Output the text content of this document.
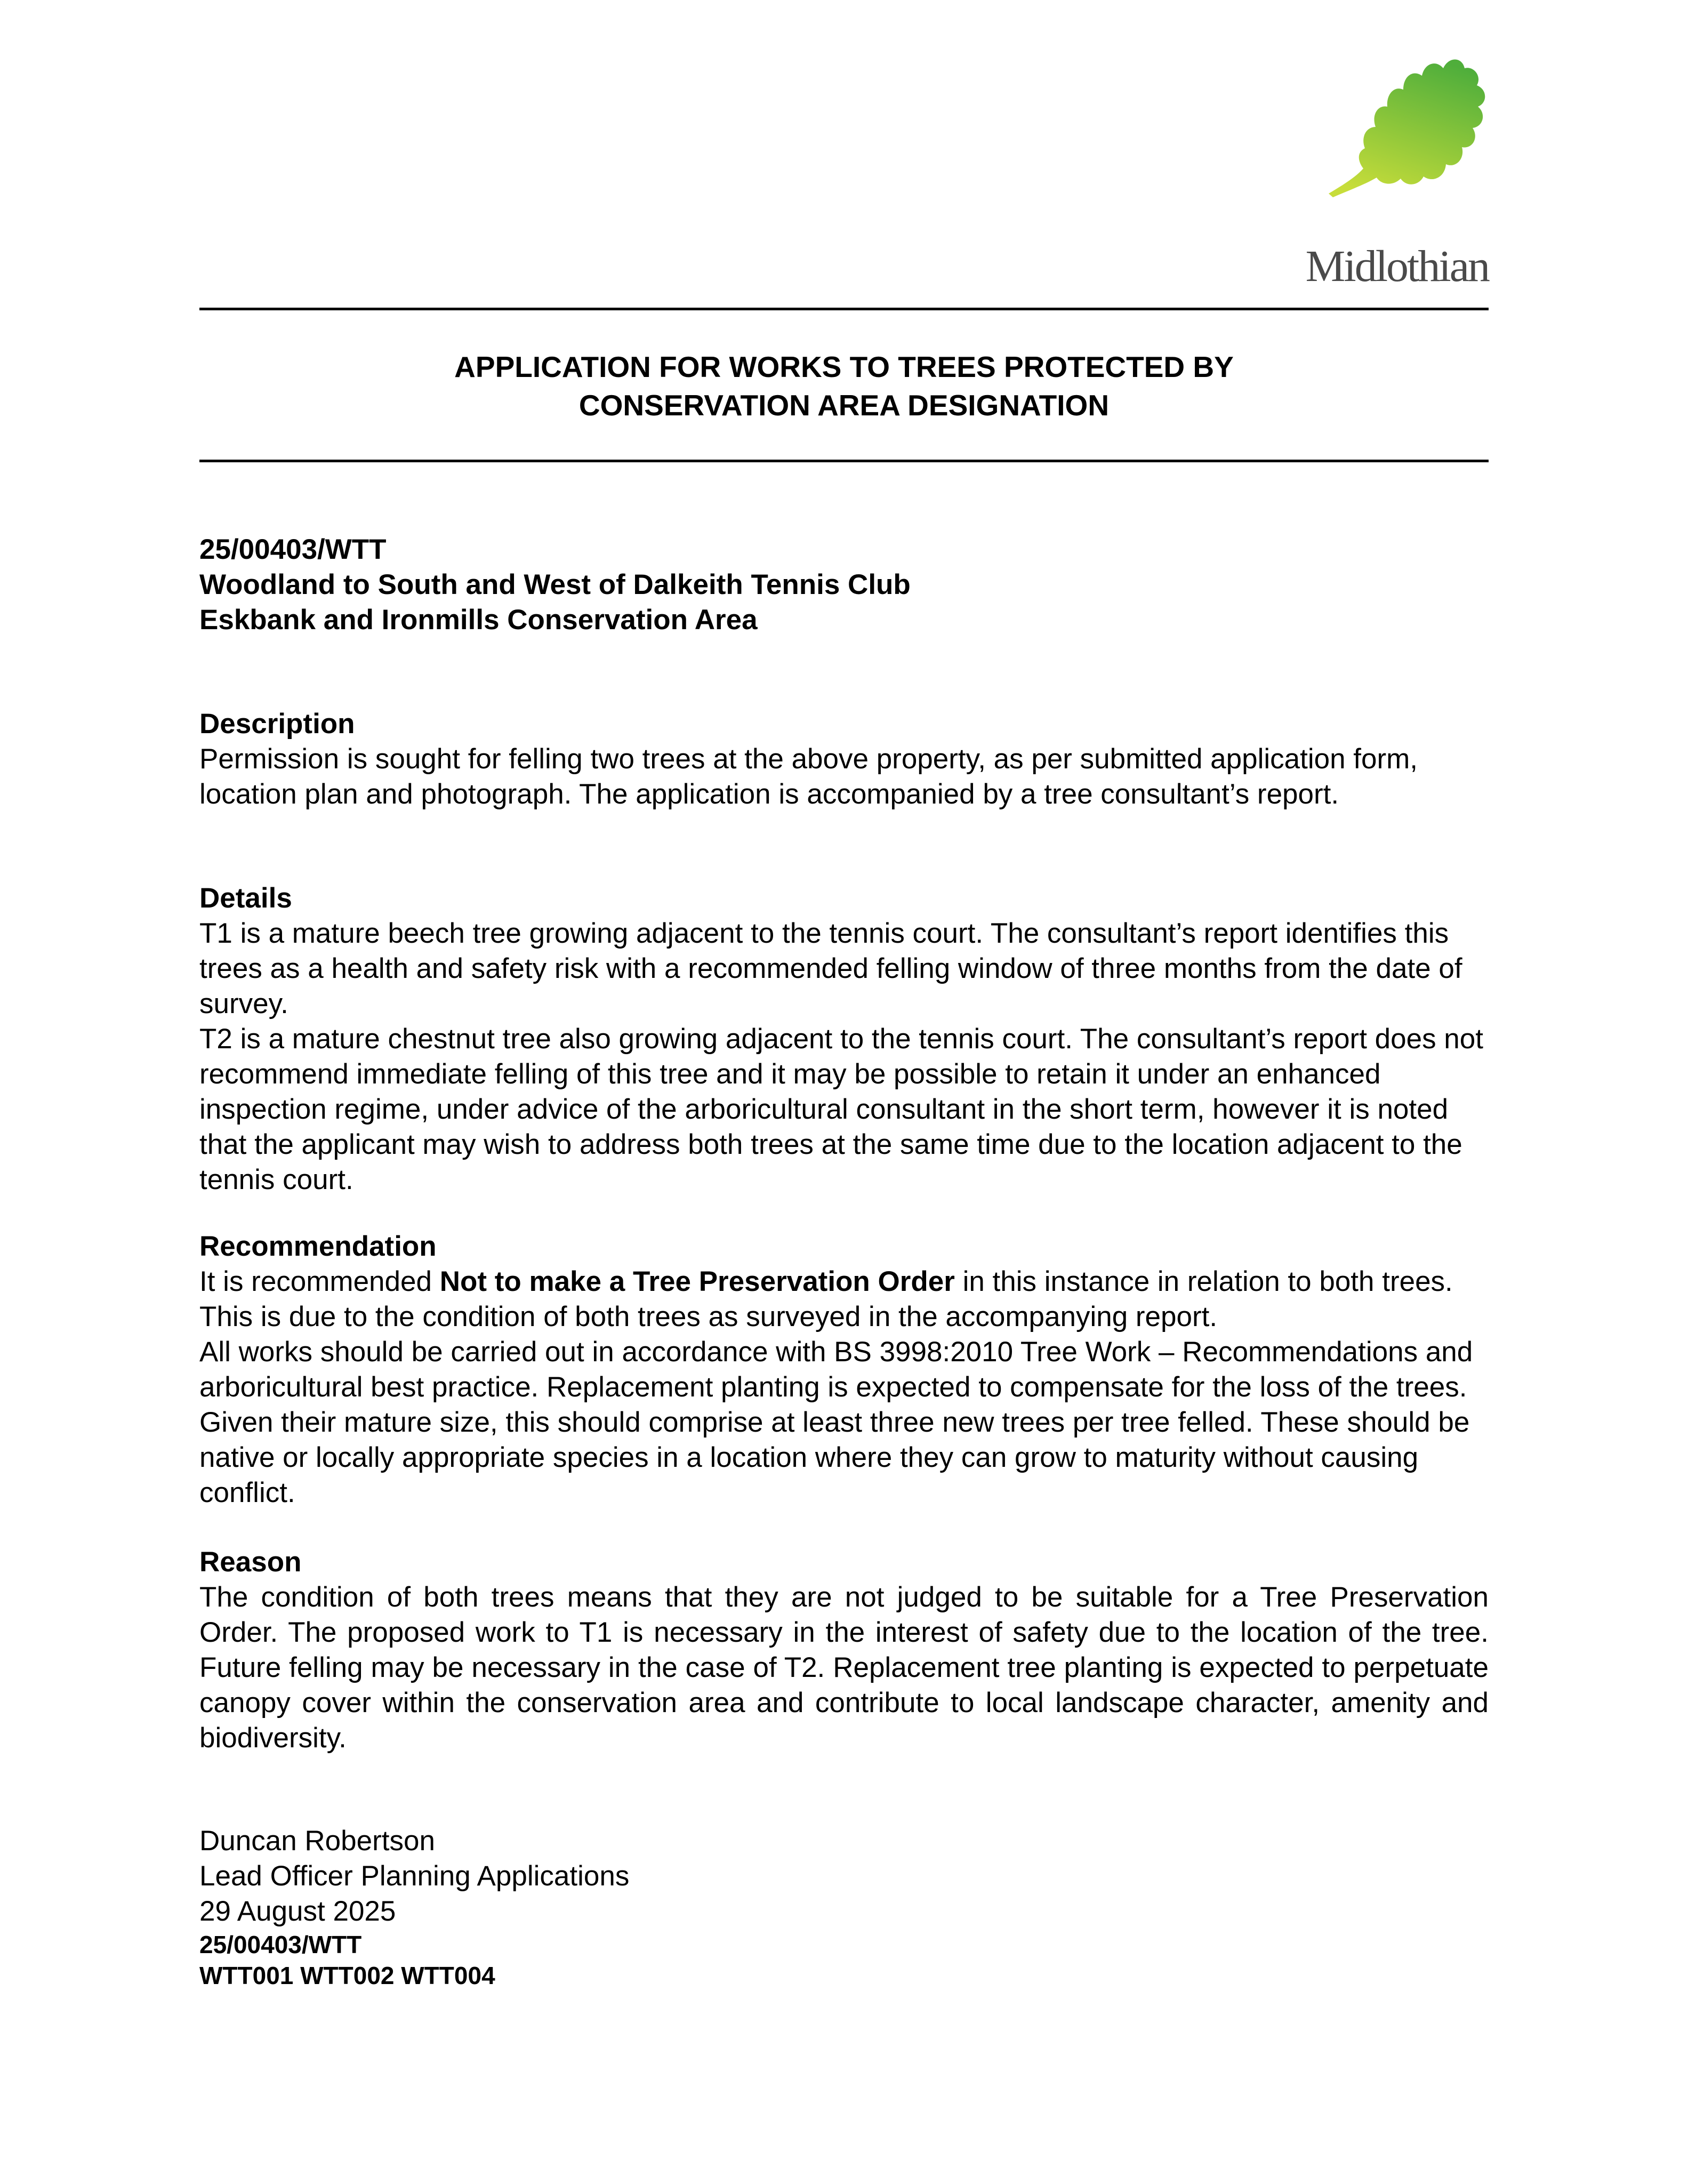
Midlothian
APPLICATION FOR WORKS TO TREES PROTECTED BY
CONSERVATION AREA DESIGNATION
25/00403/WTT
Woodland to South and West of Dalkeith Tennis Club
Eskbank and Ironmills Conservation Area
Description

Permission is sought for felling two trees at the above property, as per submitted application form, location plan and photograph. The application is accompanied by a tree consultant’s report.

Details

T1 is a mature beech tree growing adjacent to the tennis court. The consultant’s report identifies this trees as a health and safety risk with a recommended felling window of three months from the date of survey.

T2 is a mature chestnut tree also growing adjacent to the tennis court. The consultant’s report does not recommend immediate felling of this tree and it may be possible to retain it under an enhanced inspection regime, under advice of the arboricultural consultant in the short term, however it is noted that the applicant may wish to address both trees at the same time due to the location adjacent to the tennis court.

Recommendation

It is recommended Not to make a Tree Preservation Order in this instance in relation to both trees. This is due to the condition of both trees as surveyed in the accompanying report.

All works should be carried out in accordance with BS 3998:2010 Tree Work – Recommendations and arboricultural best practice. Replacement planting is expected to compensate for the loss of the trees. Given their mature size, this should comprise at least three new trees per tree felled. These should be native or locally appropriate species in a location where they can grow to maturity without causing conflict.

Reason

The condition of both trees means that they are not judged to be suitable for a Tree Preservation Order. The proposed work to T1 is necessary in the interest of safety due to the location of the tree. Future felling may be necessary in the case of T2. Replacement tree planting is expected to perpetuate canopy cover within the conservation area and contribute to local landscape character, amenity and biodiversity.

Duncan Robertson
Lead Officer Planning Applications
29 August 2025
25/00403/WTT
WTT001 WTT002 WTT004
